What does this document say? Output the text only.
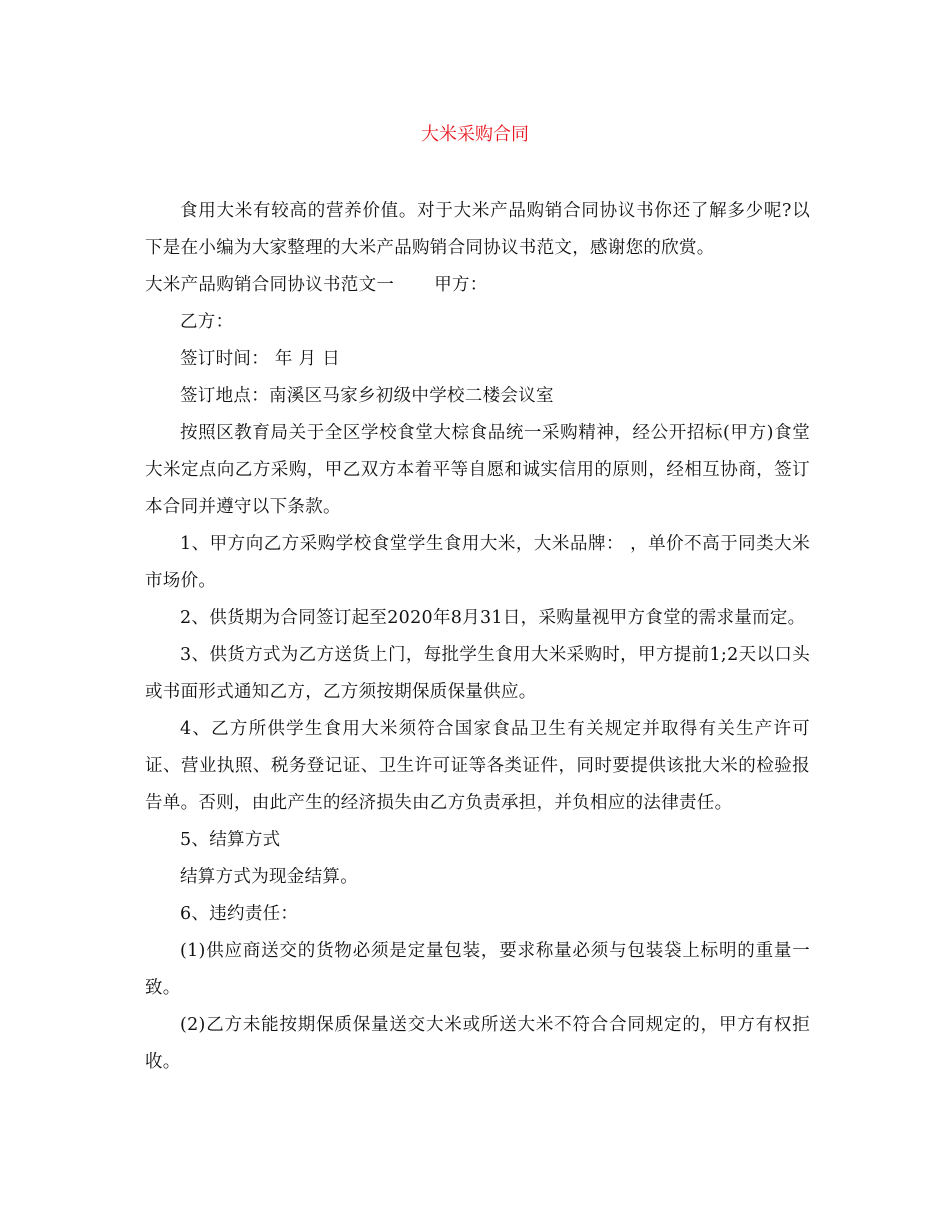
大米采购合同

食用大米有较高的营养价值。对于大米产品购销合同协议书你还了解多少呢?以下是在小编为大家整理的大米产品购销合同协议书范文，感谢您的欣赏。

大米产品购销合同协议书范文一 甲方：

乙方：

签订时间： 年 月 日

签订地点：南溪区马家乡初级中学校二楼会议室

按照区教育局关于全区学校食堂大棕食品统一采购精神，经公开招标(甲方)食堂大米定点向乙方采购，甲乙双方本着平等自愿和诚实信用的原则，经相互协商，签订本合同并遵守以下条款。

1、甲方向乙方采购学校食堂学生食用大米，大米品牌： ，单价不高于同类大米市场价。

2、供货期为合同签订起至2020年8月31日，采购量视甲方食堂的需求量而定。

3、供货方式为乙方送货上门，每批学生食用大米采购时，甲方提前1;2天以口头或书面形式通知乙方，乙方须按期保质保量供应。

4、乙方所供学生食用大米须符合国家食品卫生有关规定并取得有关生产许可证、营业执照、税务登记证、卫生许可证等各类证件，同时要提供该批大米的检验报告单。否则，由此产生的经济损失由乙方负责承担，并负相应的法律责任。

5、结算方式

结算方式为现金结算。

6、违约责任：

(1)供应商送交的货物必须是定量包装，要求称量必须与包装袋上标明的重量一致。

(2)乙方未能按期保质保量送交大米或所送大米不符合合同规定的，甲方有权拒收。
